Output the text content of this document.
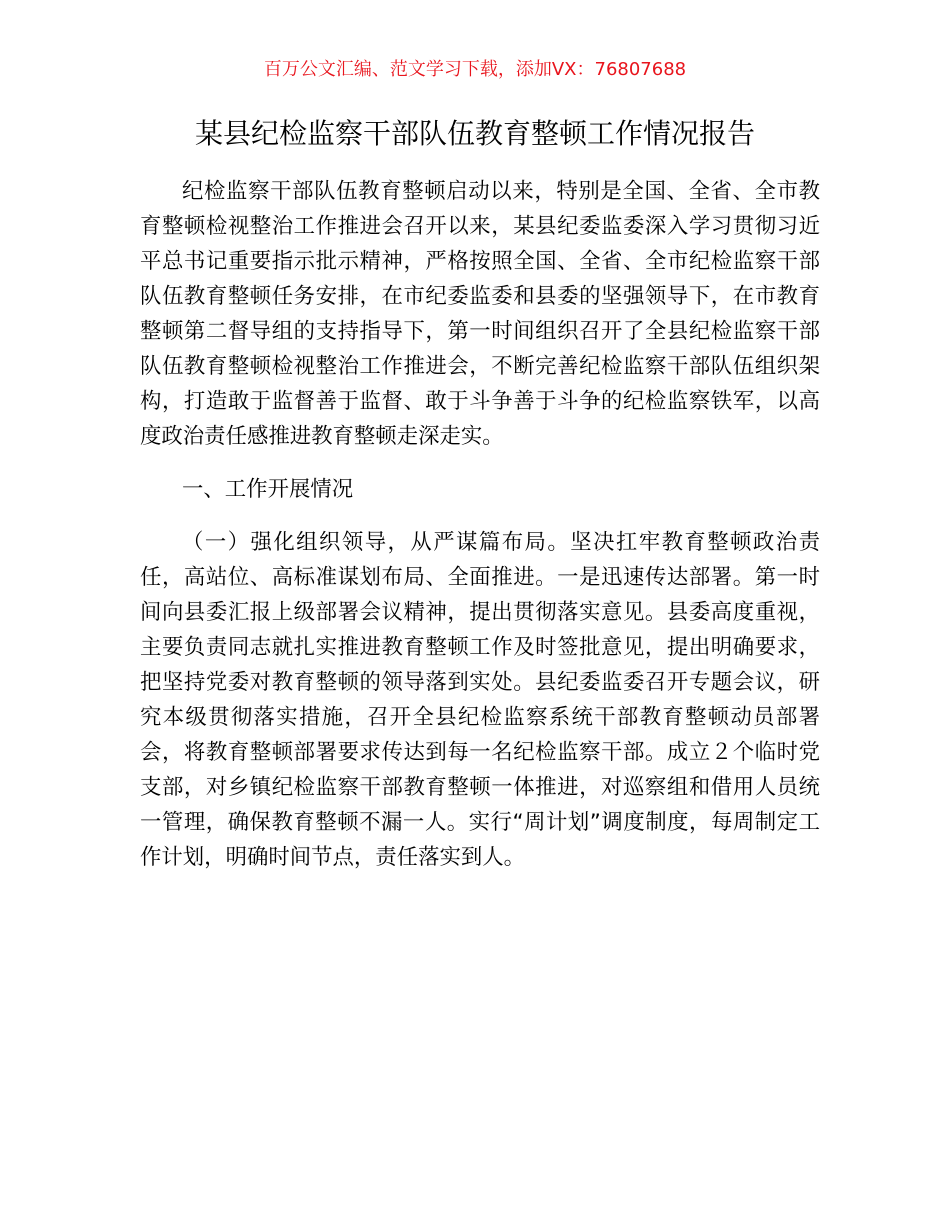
百万公文汇编、范文学习下载，添加VX：76807688
某县纪检监察干部队伍教育整顿工作情况报告

纪检监察干部队伍教育整顿启动以来，特别是全国、全省、全市教育整顿检视整治工作推进会召开以来，某县纪委监委深入学习贯彻习近平总书记重要指示批示精神，严格按照全国、全省、全市纪检监察干部队伍教育整顿任务安排，在市纪委监委和县委的坚强领导下，在市教育整顿第二督导组的支持指导下，第一时间组织召开了全县纪检监察干部队伍教育整顿检视整治工作推进会，不断完善纪检监察干部队伍组织架构，打造敢于监督善于监督、敢于斗争善于斗争的纪检监察铁军，以高度政治责任感推进教育整顿走深走实。

一、工作开展情况

（一）强化组织领导，从严谋篇布局。坚决扛牢教育整顿政治责任，高站位、高标准谋划布局、全面推进。一是迅速传达部署。第一时间向县委汇报上级部署会议精神，提出贯彻落实意见。县委高度重视，主要负责同志就扎实推进教育整顿工作及时签批意见，提出明确要求，把坚持党委对教育整顿的领导落到实处。县纪委监委召开专题会议，研究本级贯彻落实措施，召开全县纪检监察系统干部教育整顿动员部署会，将教育整顿部署要求传达到每一名纪检监察干部。成立２个临时党支部，对乡镇纪检监察干部教育整顿一体推进，对巡察组和借用人员统一管理，确保教育整顿不漏一人。实行“周计划”调度制度，每周制定工作计划，明确时间节点，责任落实到人。
